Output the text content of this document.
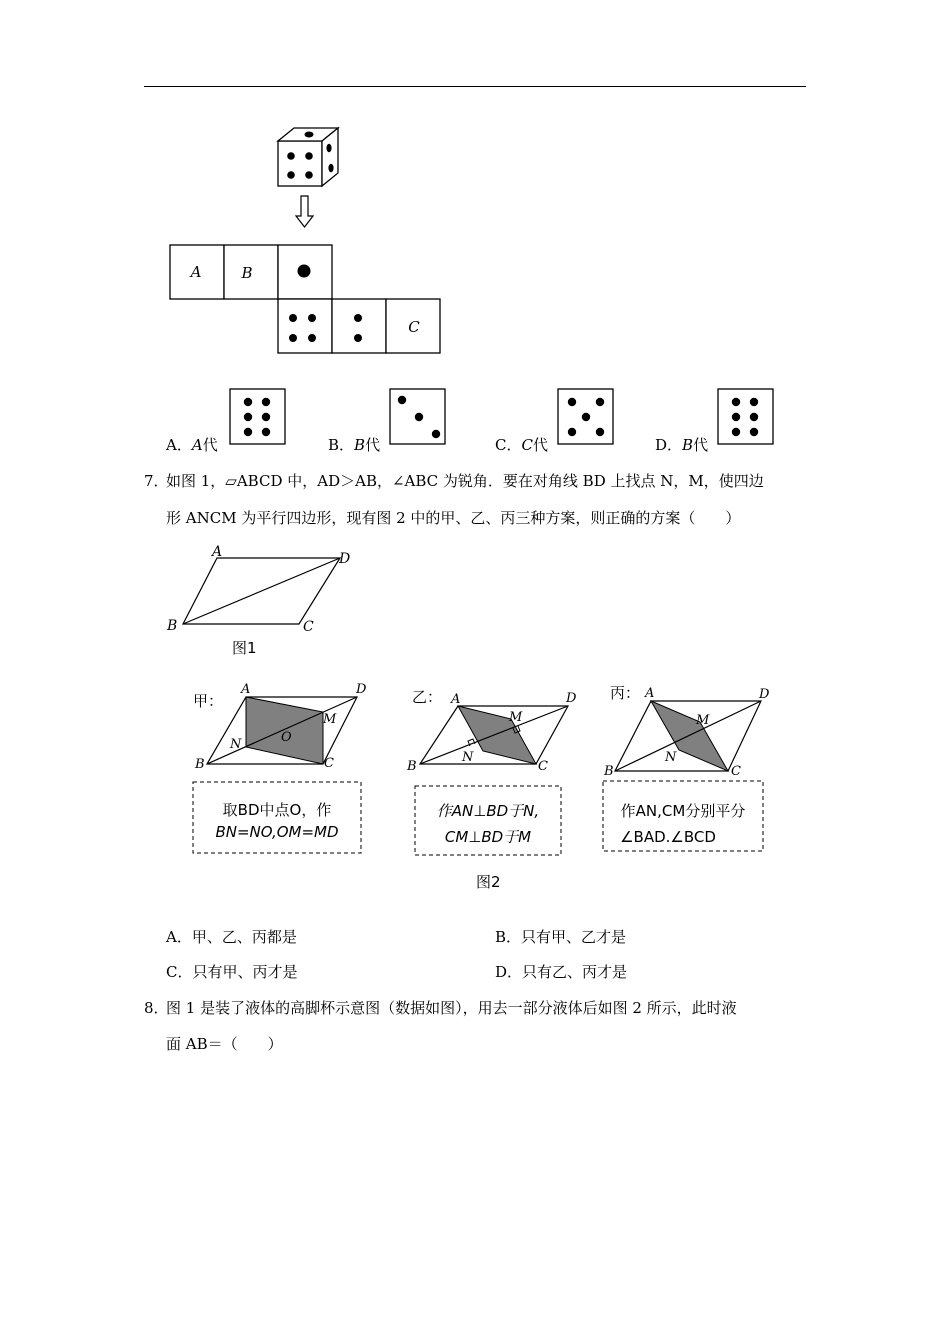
A	B
C
A．A代	B．B代	C．C代	D．B代
7．
如图 1，▱ABCD 中，AD＞AB，∠ABC 为锐角．要在对角线 BD 上找点 N，M，使四边
形 ANCM 为平行四边形，现有图 2 中的甲、乙、丙三种方案，则正确的方案（　　）
A	D
B	C
图1
甲：
A	D
B	C
M
N	O
取BD中点O，作
BN=NO,OM=MD
乙： A	D
B	C
M
N
作AN⊥BD于N,
CM⊥BD于M
丙： A	D
B	C
M
N
作AN,CM分别平分
∠BAD.∠BCD
图2
A．甲、乙、丙都是	B．只有甲、乙才是
C．只有甲、丙才是	D．只有乙、丙才是
8．
图 1 是装了液体的高脚杯示意图（数据如图），用去一部分液体后如图 2 所示，此时液
面 AB＝（　　）
